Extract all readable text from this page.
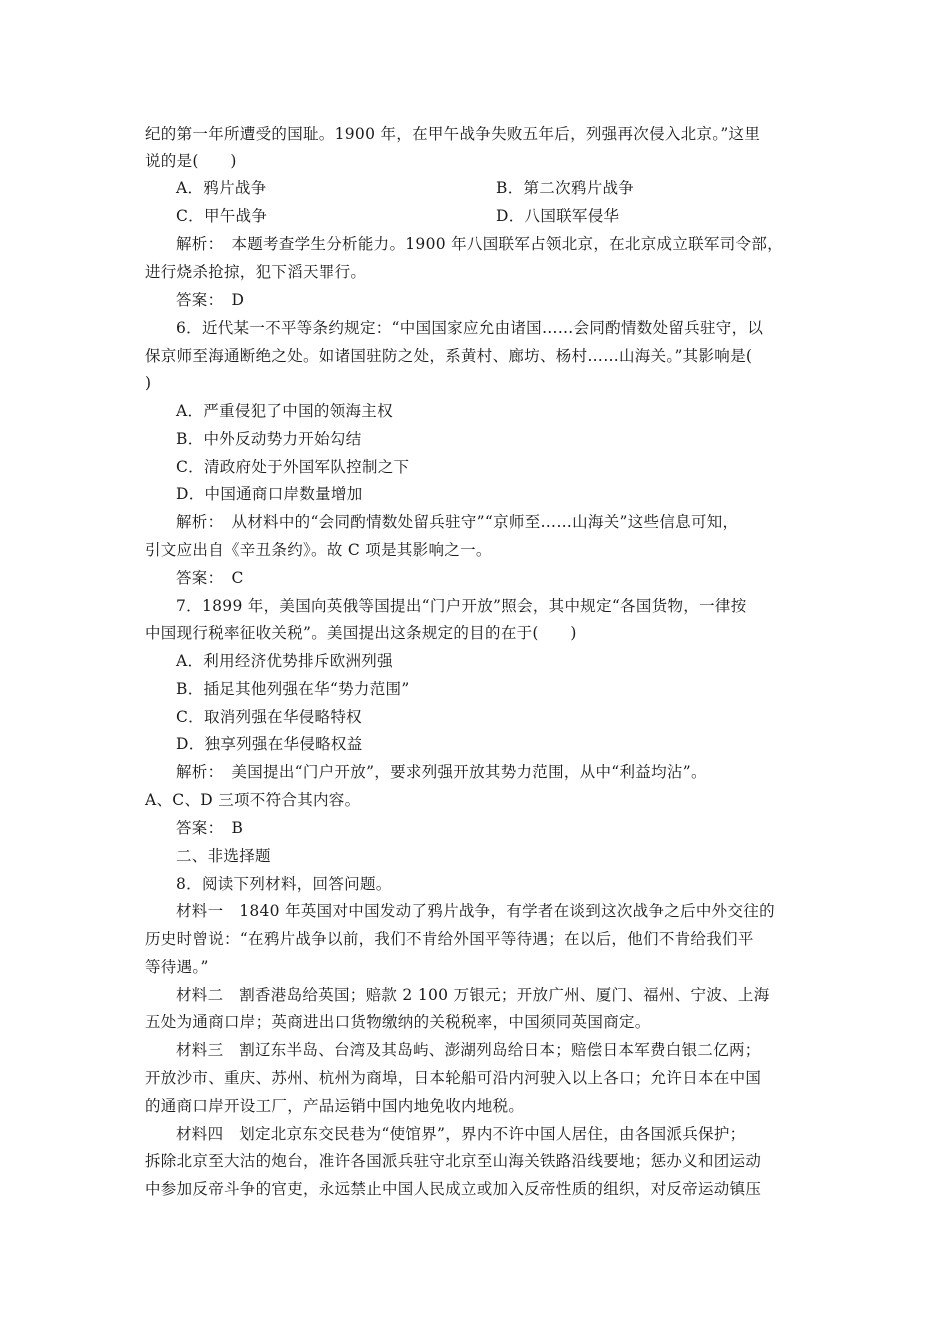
纪的第一年所遭受的国耻。1900 年，在甲午战争失败五年后，列强再次侵入北京。”这里
说的是(　　)
A．鸦片战争	B．第二次鸦片战争
C．甲午战争	D．八国联军侵华
解析：　本题考查学生分析能力。1900 年八国联军占领北京，在北京成立联军司令部，
进行烧杀抢掠，犯下滔天罪行。
答案：　D
6．近代某一不平等条约规定：“中国国家应允由诸国……会同酌情数处留兵驻守，以
保京师至海通断绝之处。如诸国驻防之处，系黄村、廊坊、杨村……山海关。”其影响是(
)
A．严重侵犯了中国的领海主权
B．中外反动势力开始勾结
C．清政府处于外国军队控制之下
D．中国通商口岸数量增加
解析：　从材料中的“会同酌情数处留兵驻守”“京师至……山海关”这些信息可知，
引文应出自《辛丑条约》。故 C 项是其影响之一。
答案：　C
7．1899 年，美国向英俄等国提出“门户开放”照会，其中规定“各国货物，一律按
中国现行税率征收关税”。美国提出这条规定的目的在于(　　)
A．利用经济优势排斥欧洲列强
B．插足其他列强在华“势力范围”
C．取消列强在华侵略特权
D．独享列强在华侵略权益
解析：　美国提出“门户开放”，要求列强开放其势力范围，从中“利益均沾”。
A、C、D 三项不符合其内容。
答案：　B
二、非选择题
8．阅读下列材料，回答问题。
材料一　1840 年英国对中国发动了鸦片战争，有学者在谈到这次战争之后中外交往的
历史时曾说：“在鸦片战争以前，我们不肯给外国平等待遇；在以后，他们不肯给我们平
等待遇。”
材料二　割香港岛给英国；赔款 2 100 万银元；开放广州、厦门、福州、宁波、上海
五处为通商口岸；英商进出口货物缴纳的关税税率，中国须同英国商定。
材料三　割辽东半岛、台湾及其岛屿、澎湖列岛给日本；赔偿日本军费白银二亿两；
开放沙市、重庆、苏州、杭州为商埠，日本轮船可沿内河驶入以上各口；允许日本在中国
的通商口岸开设工厂，产品运销中国内地免收内地税。
材料四　划定北京东交民巷为“使馆界”，界内不许中国人居住，由各国派兵保护；
拆除北京至大沽的炮台，准许各国派兵驻守北京至山海关铁路沿线要地；惩办义和团运动
中参加反帝斗争的官吏，永远禁止中国人民成立或加入反帝性质的组织，对反帝运动镇压
